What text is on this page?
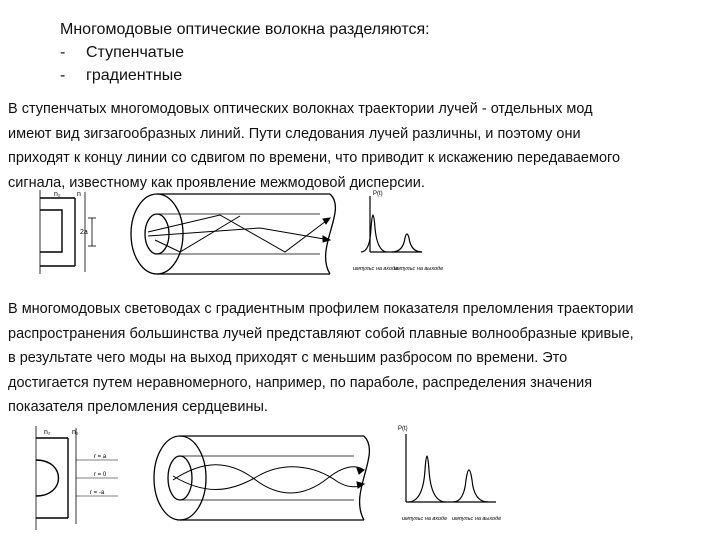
Многомодовые оптические волокна разделяются:
-	Ступенчатые
-	градиентные
В ступенчатых многомодовых оптических волокнах траектории лучей - отдельных мод
имеют вид зигзагообразных линий. Пути следования лучей различны, и поэтому они
приходят к концу линии со сдвигом по времени, что приводит к искажению передаваемого
сигнала, известному как проявление межмодовой дисперсии.
n₂ n
2a
P(t)
импульс на входе
импульс на выходе
В многомодовых световодах с градиентным профилем показателя преломления траектории
распространения большинства лучей представляют собой плавные волнообразные кривые,
в результате чего моды на выход приходят с меньшим разбросом по времени. Это
достигается путем неравномерного, например, по параболе, распределения значения
показателя преломления сердцевины.
n₂	n₁
r = a
r = 0
r = -a
P(t)
импульс на входе импульс на выходе
